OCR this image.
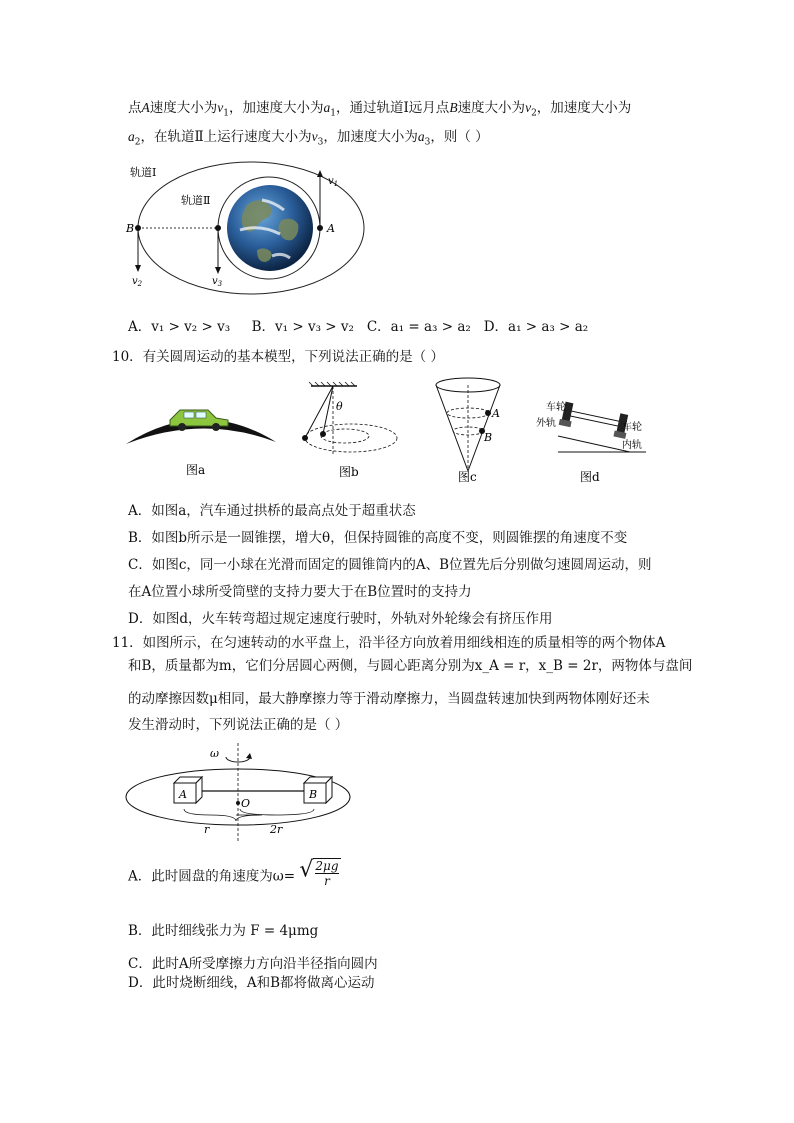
点A速度大小为$v_1$，加速度大小为$a_1$，通过轨道Ⅰ远月点B速度大小为$v_2$，加速度大小为
$a_2$，在轨道Ⅱ上运行速度大小为$v_3$，加速度大小为$a_3$，则（ ）
轨道Ⅰ
轨道Ⅱ
B	A
$v_1$
$v_2$	$v_3$
A．v₁ > v₂ > v₃ B．v₁ > v₃ > v₂ C．a₁ = a₃ > a₂ D．a₁ > a₃ > a₂
10．有关圆周运动的基本模型，下列说法正确的是（ ）
图a
θ
图b
A
B
图c
车轮
外轨	车轮
内轨
图d
A．如图a，汽车通过拱桥的最高点处于超重状态
B．如图b所示是一圆锥摆，增大θ，但保持圆锥的高度不变，则圆锥摆的角速度不变
C．如图c，同一小球在光滑而固定的圆锥筒内的A、B位置先后分别做匀速圆周运动，则
在A位置小球所受筒壁的支持力要大于在B位置时的支持力
D．如图d，火车转弯超过规定速度行驶时，外轨对外轮缘会有挤压作用
11．如图所示，在匀速转动的水平盘上，沿半径方向放着用细线相连的质量相等的两个物体A
和B，质量都为m，它们分居圆心两侧，与圆心距离分别为x_A = r，x_B = 2r，两物体与盘间
的动摩擦因数μ相同，最大静摩擦力等于滑动摩擦力，当圆盘转速加快到两物体刚好还未
发生滑动时，下列说法正确的是（ ）
ω
A	B
O
r	2r
A．此时圆盘的角速度为ω= √ $\frac{2\mu g}{r}$
B．此时细线张力为 F = 4μmg
C．此时A所受摩擦力方向沿半径指向圆内
D．此时烧断细线，A和B都将做离心运动
